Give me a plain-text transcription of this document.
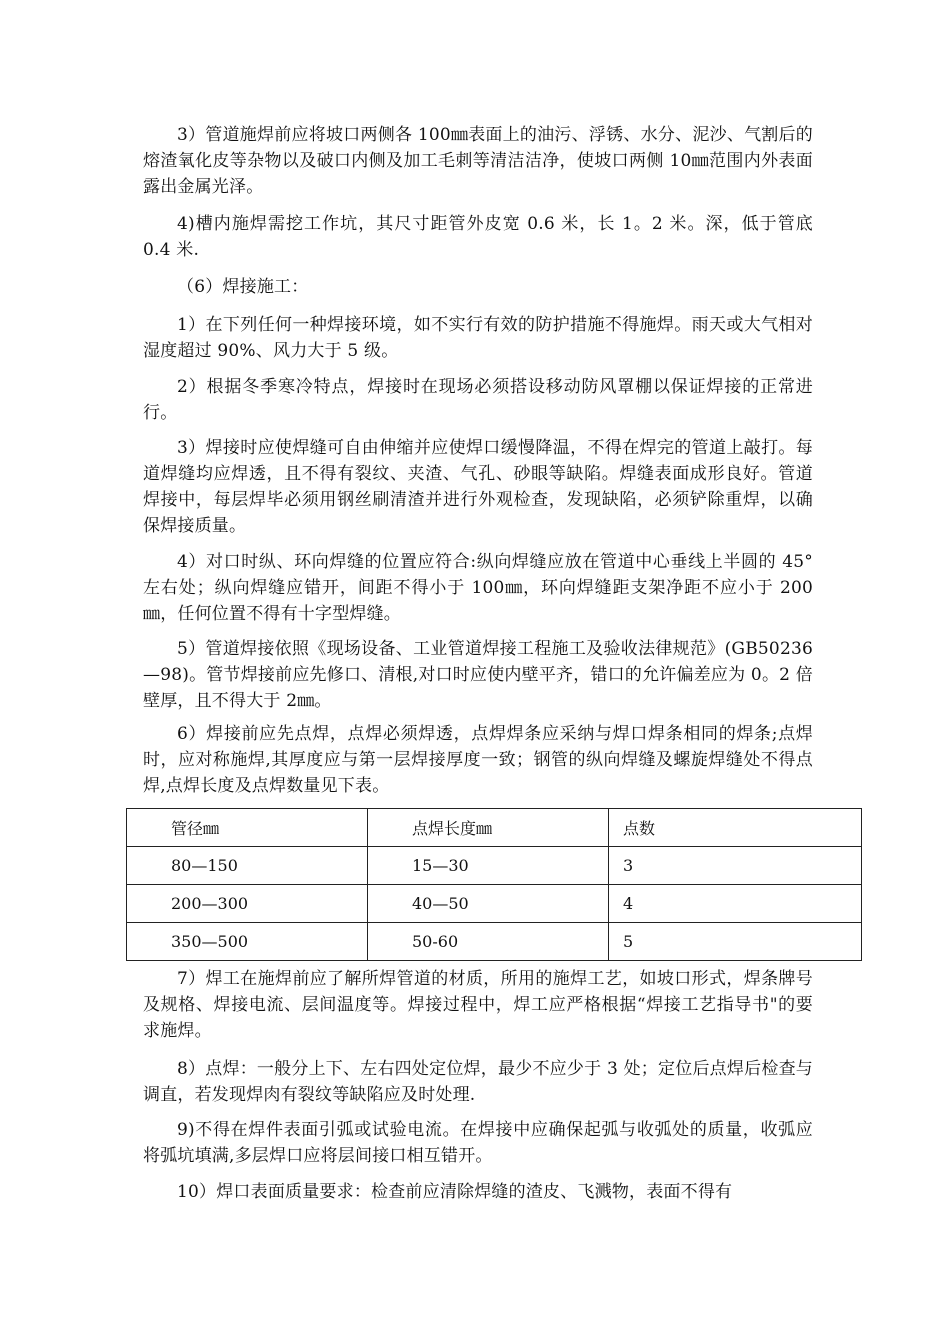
3）管道施焊前应将坡口两侧各 100㎜表面上的油污、浮锈、水分、泥沙、气割后的熔渣氧化皮等杂物以及破口内侧及加工毛刺等清洁洁净，使坡口两侧 10㎜范围内外表面露出金属光泽。

4)槽内施焊需挖工作坑，其尺寸距管外皮宽 0.6 米，长 1。2 米。深，低于管底 0.4 米.

（6）焊接施工：

1）在下列任何一种焊接环境，如不实行有效的防护措施不得施焊。雨天或大气相对湿度超过 90%、风力大于 5 级。

2）根据冬季寒冷特点，焊接时在现场必须搭设移动防风罩棚以保证焊接的正常进行。

3）焊接时应使焊缝可自由伸缩并应使焊口缓慢降温，不得在焊完的管道上敲打。每道焊缝均应焊透，且不得有裂纹、夹渣、气孔、砂眼等缺陷。焊缝表面成形良好。管道焊接中，每层焊毕必须用钢丝刷清渣并进行外观检查，发现缺陷，必须铲除重焊，以确保焊接质量。

4）对口时纵、环向焊缝的位置应符合:纵向焊缝应放在管道中心垂线上半圆的 45° 左右处；纵向焊缝应错开，间距不得小于 100㎜，环向焊缝距支架净距不应小于 200㎜，任何位置不得有十字型焊缝。

5）管道焊接依照《现场设备、工业管道焊接工程施工及验收法律规范》(GB50236—98)。管节焊接前应先修口、清根,对口时应使内壁平齐，错口的允许偏差应为 0。2 倍壁厚，且不得大于 2㎜。

6）焊接前应先点焊，点焊必须焊透，点焊焊条应采纳与焊口焊条相同的焊条;点焊时，应对称施焊,其厚度应与第一层焊接厚度一致；钢管的纵向焊缝及螺旋焊缝处不得点焊,点焊长度及点焊数量见下表。

管径㎜	点焊长度㎜	点数
80—150	15—30	3
200—300	40—50	4
350—500	50-60	5

7）焊工在施焊前应了解所焊管道的材质，所用的施焊工艺，如坡口形式，焊条牌号及规格、焊接电流、层间温度等。焊接过程中，焊工应严格根据“焊接工艺指导书"的要求施焊。

8）点焊：一般分上下、左右四处定位焊，最少不应少于 3 处；定位后点焊后检查与调直，若发现焊肉有裂纹等缺陷应及时处理.

9)不得在焊件表面引弧或试验电流。在焊接中应确保起弧与收弧处的质量，收弧应将弧坑填满,多层焊口应将层间接口相互错开。

10）焊口表面质量要求：检查前应清除焊缝的渣皮、飞溅物，表面不得有
